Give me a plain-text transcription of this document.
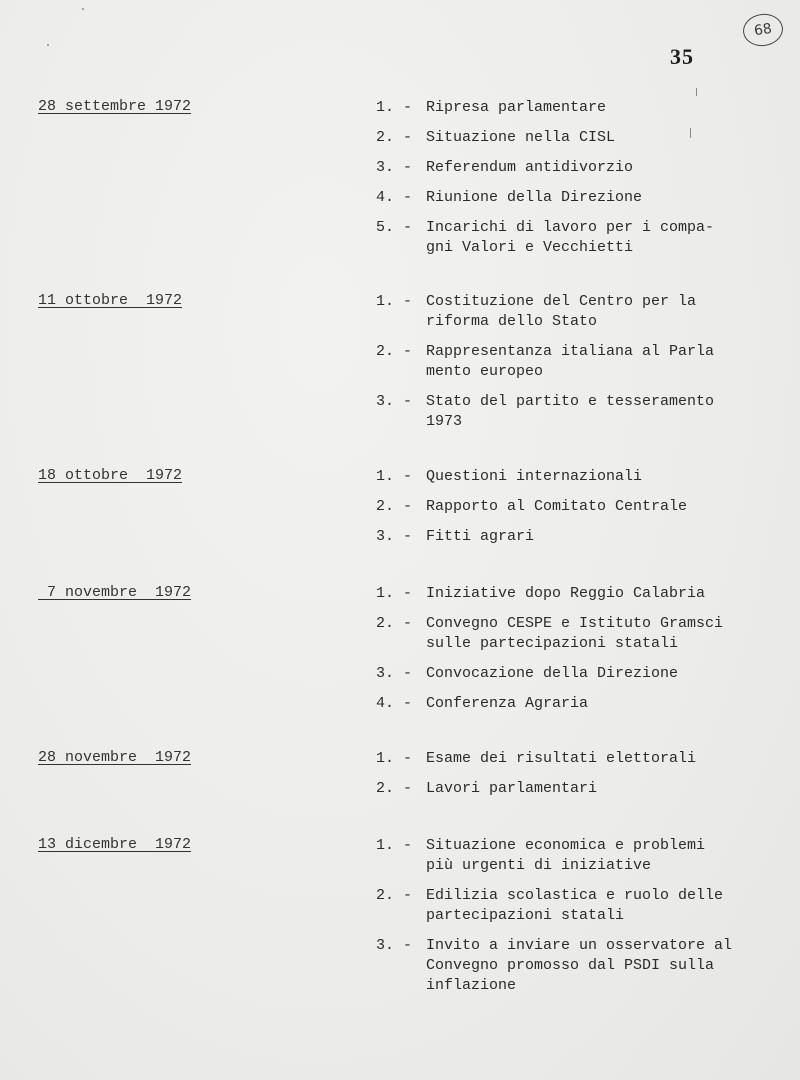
68
35
28 settembre 1972	1. - Ripresa parlamentare
2. - Situazione nella CISL
3. - Referendum antidivorzio
4. - Riunione della Direzione
5. - Incarichi di lavoro per i compa-
gni Valori e Vecchietti
11 ottobre  1972	1. - Costituzione del Centro per la
riforma dello Stato
2. - Rappresentanza italiana al Parla
mento europeo
3. - Stato del partito e tesseramento
1973
18 ottobre  1972	1. - Questioni internazionali
2. - Rapporto al Comitato Centrale
3. - Fitti agrari
7 novembre  1972	1. - Iniziative dopo Reggio Calabria
2. - Convegno CESPE e Istituto Gramsci
sulle partecipazioni statali
3. - Convocazione della Direzione
4. - Conferenza Agraria
28 novembre  1972	1. - Esame dei risultati elettorali
2. - Lavori parlamentari
13 dicembre  1972	1. - Situazione economica e problemi
più urgenti di iniziative
2. - Edilizia scolastica e ruolo delle
partecipazioni statali
3. - Invito a inviare un osservatore al
Convegno promosso dal PSDI sulla
inflazione
